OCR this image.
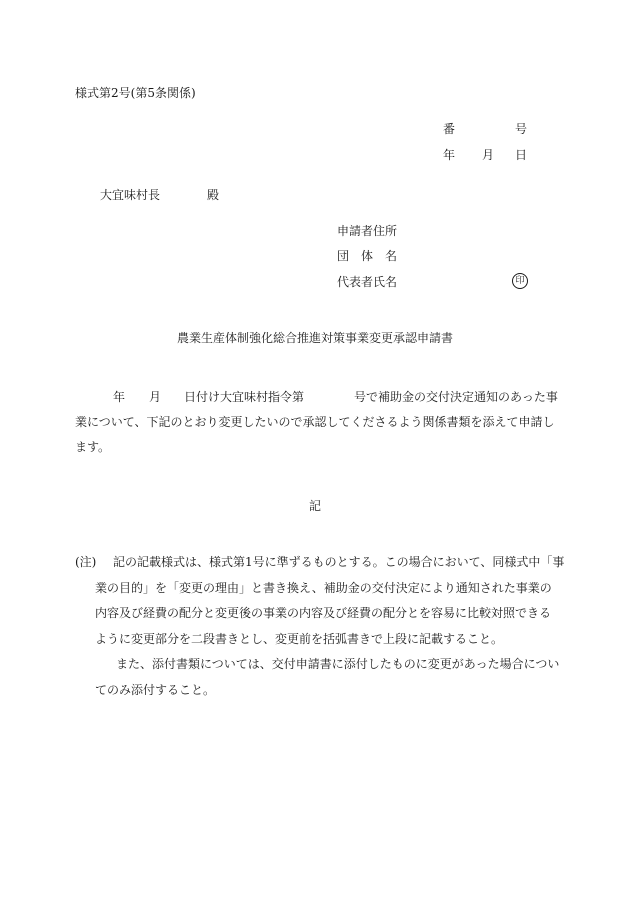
様式第2号(第5条関係)
番	号
年 月 日
大宜味村長	殿
申請者住所
団 体 名
代表者氏名	印
農業生産体制強化総合推進対策事業変更承認申請書
年 月 日付け大宜味村指令第	号で補助金の交付決定通知のあった事
業について、下記のとおり変更したいので承認してくださるよう関係書類を添えて申請し
ます。
記
(注) 記の記載様式は、様式第1号に準ずるものとする。この場合において、同様式中「事
業の目的」を「変更の理由」と書き換え、補助金の交付決定により通知された事業の
内容及び経費の配分と変更後の事業の内容及び経費の配分とを容易に比較対照できる
ように変更部分を二段書きとし、変更前を括弧書きで上段に記載すること。
また、添付書類については、交付申請書に添付したものに変更があった場合につい
てのみ添付すること。
